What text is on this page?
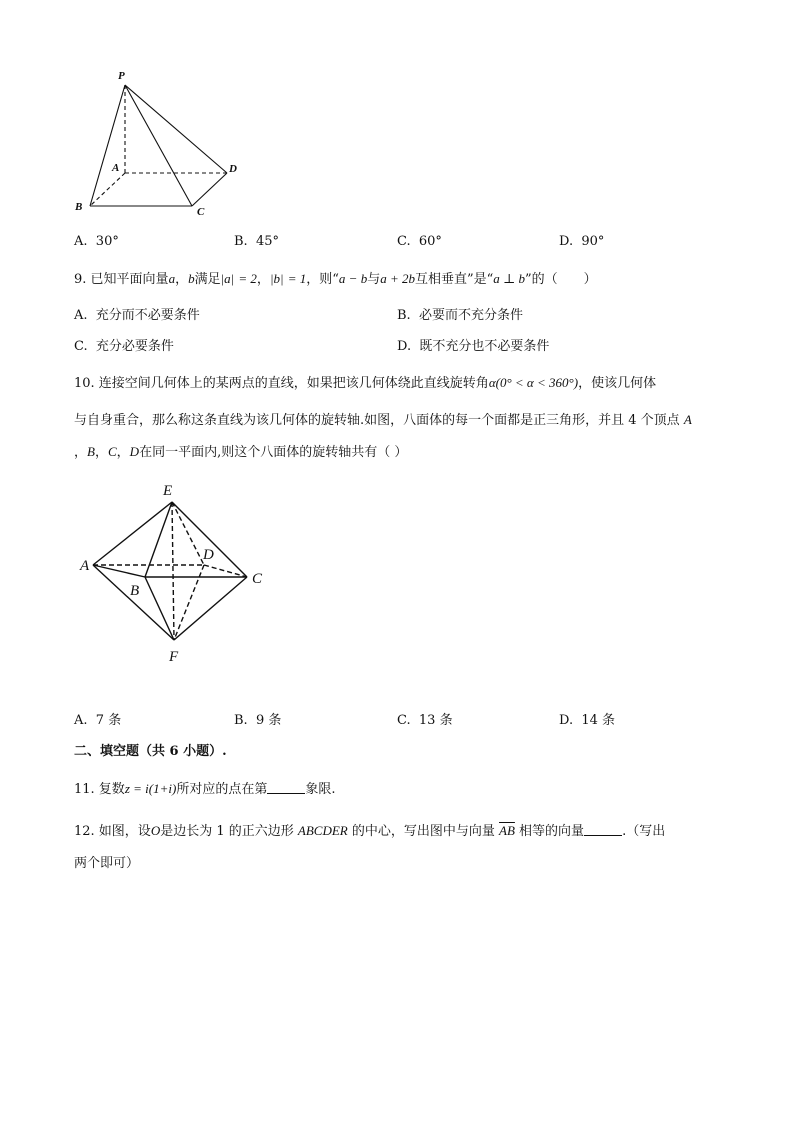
P
A
B	C
D
A. 30°	B. 45°	C. 60°	D. 90°
9. 已知平面向量a，b满足|a| = 2，|b| = 1，则“a − b与a + 2b互相垂直”是“a ⊥ b”的（　　）
A. 充分而不必要条件	B. 必要而不充分条件
C. 充分必要条件	D. 既不充分也不必要条件
10. 连接空间几何体上的某两点的直线，如果把该几何体绕此直线旋转角α(0° < α < 360°)，使该几何体
与自身重合，那么称这条直线为该几何体的旋转轴.如图，八面体的每一个面都是正三角形，并且 4 个顶点 A
，B，C，D在同一平面内,则这个八面体的旋转轴共有（ ）
E
A
B
C
D
F
A. 7 条	B. 9 条	C. 13 条	D. 14 条
二、填空题（共 6 小题）.
11. 复数z = i(1+i)所对应的点在第	象限.
12. 如图，设O是边长为 1 的正六边形 ABCDER 的中心，写出图中与向量 $\overline{AB}$ 相等的向量	.（写出
两个即可）
